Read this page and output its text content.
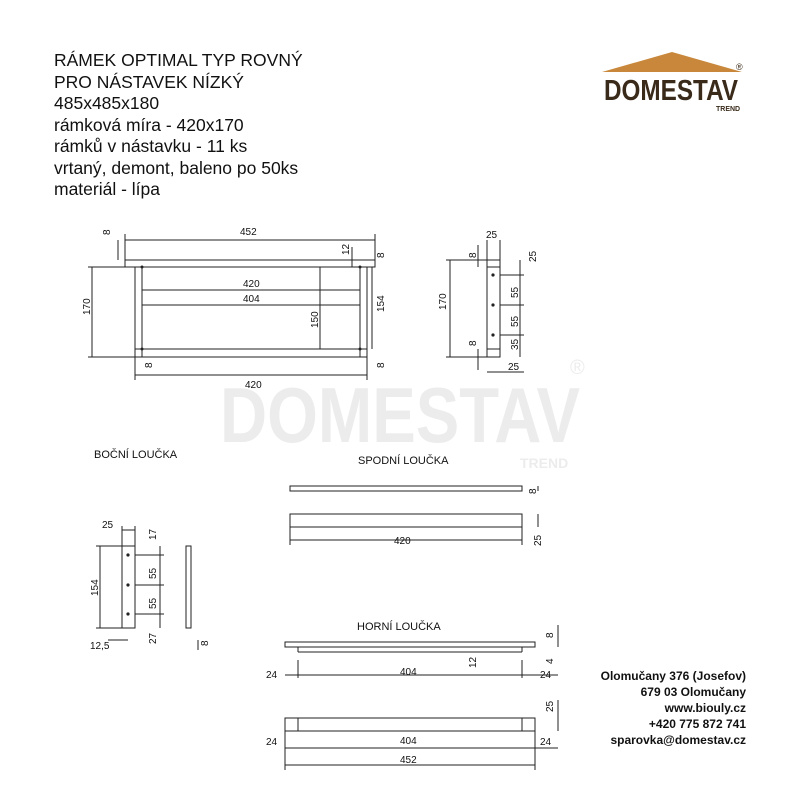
DOMESTAV
TREND
®
RÁMEK OPTIMAL TYP ROVNÝ
PRO NÁSTAVEK NÍZKÝ
485x485x180
rámková míra - 420x170
rámků v nástavku - 11 ks
vrtaný, demont, baleno po 50ks
materiál - lípa
DOMESTAV
TREND
®
452
8
12
8
420
404
170	154
150
8	8
420
25
25
170
8
8
55
55
35
25
25
17
154
55
55
27
12,5	8
8
420	25
8
12
24	404	24
4
25
24	404	24
452
BOČNÍ LOUČKA	SPODNÍ LOUČKA
HORNÍ LOUČKA
Olomučany 376 (Josefov)
679 03 Olomučany
www.biouly.cz
+420 775 872 741
sparovka@domestav.cz
